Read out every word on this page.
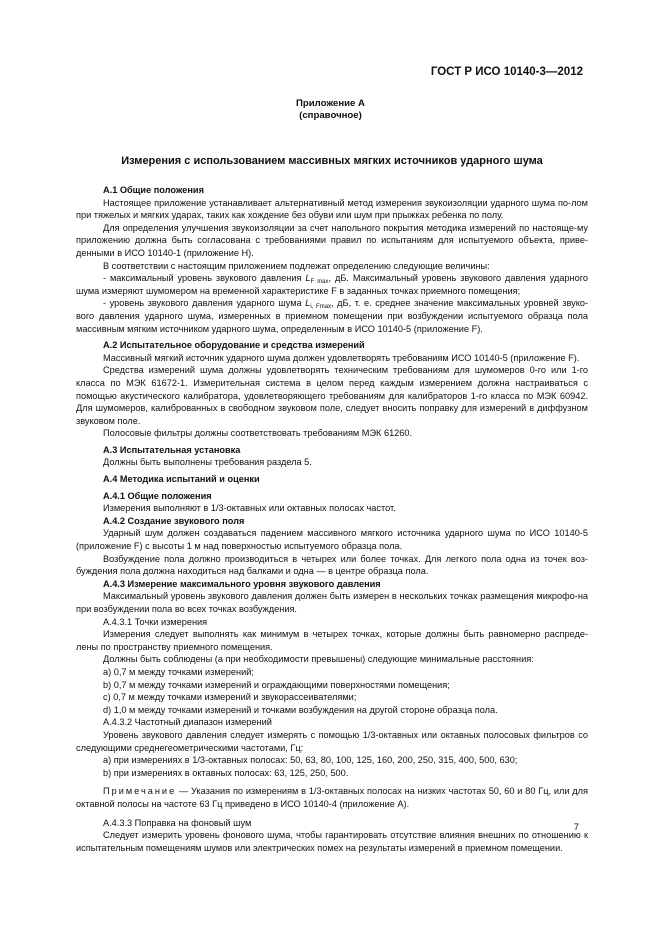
ГОСТ Р ИСО 10140-3—2012
Приложение А
(справочное)
Измерения с использованием массивных мягких источников ударного шума

А.1 Общие положения

Настоящее приложение устанавливает альтернативный метод измерения звукоизоляции ударного шума по-лом при тяжелых и мягких ударах, таких как хождение без обуви или шум при прыжках ребенка по полу.

Для определения улучшения звукоизоляции за счет напольного покрытия методика измерений по настояще-му приложению должна быть согласована с требованиями правил по испытаниям для испытуемого объекта, приве-денными в ИСО 10140-1 (приложение Н).

В соответствии с настоящим приложением подлежат определению следующие величины:

- максимальный уровень звукового давления $L_{F max}$, дБ. Максимальный уровень звукового давления ударного шума измеряют шумомером на временной характеристике F в заданных точках приемного помещения;

- уровень звукового давления ударного шума $L_{i, Fmax}$, дБ, т. е. среднее значение максимальных уровней звуко-вого давления ударного шума, измеренных в приемном помещении при возбуждении испытуемого образца пола массивным мягким источником ударного шума, определенным в ИСО 10140-5 (приложение F).

А.2 Испытательное оборудование и средства измерений

Массивный мягкий источник ударного шума должен удовлетворять требованиям ИСО 10140-5 (приложение F).

Средства измерений шума должны удовлетворять техническим требованиям для шумомеров 0-го или 1-го класса по МЭК 61672-1. Измерительная система в целом перед каждым измерением должна настраиваться с помощью акустического калибратора, удовлетворяющего требованиям для калибраторов 1-го класса по МЭК 60942. Для шумомеров, калиброванных в свободном звуковом поле, следует вносить поправку для измерений в диффузном звуковом поле.

Полосовые фильтры должны соответствовать требованиям МЭК 61260.

А.3 Испытательная установка

Должны быть выполнены требования раздела 5.

А.4 Методика испытаний и оценки

А.4.1 Общие положения

Измерения выполняют в 1/3-октавных или октавных полосах частот.

А.4.2 Создание звукового поля

Ударный шум должен создаваться падением массивного мягкого источника ударного шума по ИСО 10140-5 (приложение F) с высоты 1 м над поверхностью испытуемого образца пола.

Возбуждение пола должно производиться в четырех или более точках. Для легкого пола одна из точек воз-буждения пола должна находиться над балками и одна — в центре образца пола.

А.4.3 Измерение максимального уровня звукового давления

Максимальный уровень звукового давления должен быть измерен в нескольких точках размещения микрофо-на при возбуждении пола во всех точках возбуждения.

А.4.3.1 Точки измерения

Измерения следует выполнять как минимум в четырех точках, которые должны быть равномерно распреде-лены по пространству приемного помещения.

Должны быть соблюдены (а при необходимости превышены) следующие минимальные расстояния:

а) 0,7 м между точками измерений;

b) 0,7 м между точками измерений и ограждающими поверхностями помещения;

с) 0,7 м между точками измерений и звукорассеивателями;

d) 1,0 м между точками измерений и точками возбуждения на другой стороне образца пола.

А.4.3.2 Частотный диапазон измерений

Уровень звукового давления следует измерять с помощью 1/3-октавных или октавных полосовых фильтров со следующими среднегеометрическими частотами, Гц:

а) при измерениях в 1/3-октавных полосах: 50, 63, 80, 100, 125, 160, 200, 250, 315, 400, 500, 630;

b) при измерениях в октавных полосах: 63, 125, 250, 500.

Примечание — Указания по измерениям в 1/3-октавных полосах на низких частотах 50, 60 и 80 Гц, или для октавной полосы на частоте 63 Гц приведено в ИСО 10140-4 (приложение А).

А.4.3.3 Поправка на фоновый шум

Следует измерить уровень фонового шума, чтобы гарантировать отсутствие влияния внешних по отношению к испытательным помещениям шумов или электрических помех на результаты измерений в приемном помещении.

7
